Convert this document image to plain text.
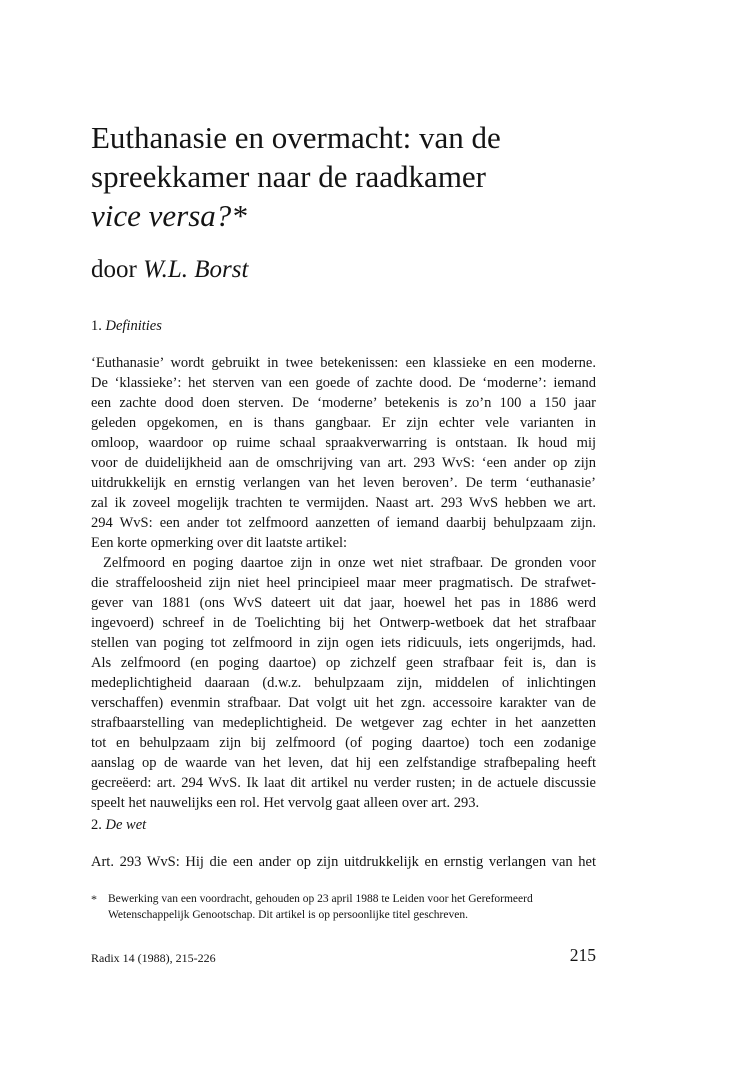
Euthanasie en overmacht: van de
spreekkamer naar de raadkamer
vice versa?*
door W.L. Borst
1. Definities
‘Euthanasie’ wordt gebruikt in twee betekenissen: een klassieke en een moderne.
De ‘klassieke’: het sterven van een goede of zachte dood. De ‘moderne’: iemand
een zachte dood doen sterven. De ‘moderne’ betekenis is zo’n 100 a 150 jaar
geleden opgekomen, en is thans gangbaar. Er zijn echter vele varianten in
omloop, waardoor op ruime schaal spraakverwarring is ontstaan. Ik houd mij
voor de duidelijkheid aan de omschrijving van art. 293 WvS: ‘een ander op zijn
uitdrukkelijk en ernstig verlangen van het leven beroven’. De term ‘euthanasie’
zal ik zoveel mogelijk trachten te vermijden. Naast art. 293 WvS hebben we art.
294 WvS: een ander tot zelfmoord aanzetten of iemand daarbij behulpzaam zijn.
Een korte opmerking over dit laatste artikel:
Zelfmoord en poging daartoe zijn in onze wet niet strafbaar. De gronden voor
die straffeloosheid zijn niet heel principieel maar meer pragmatisch. De strafwet-
gever van 1881 (ons WvS dateert uit dat jaar, hoewel het pas in 1886 werd
ingevoerd) schreef in de Toelichting bij het Ontwerp-wetboek dat het strafbaar
stellen van poging tot zelfmoord in zijn ogen iets ridicuuls, iets ongerijmds, had.
Als zelfmoord (en poging daartoe) op zichzelf geen strafbaar feit is, dan is
medeplichtigheid daaraan (d.w.z. behulpzaam zijn, middelen of inlichtingen
verschaffen) evenmin strafbaar. Dat volgt uit het zgn. accessoire karakter van de
strafbaarstelling van medeplichtigheid. De wetgever zag echter in het aanzetten
tot en behulpzaam zijn bij zelfmoord (of poging daartoe) toch een zodanige
aanslag op de waarde van het leven, dat hij een zelfstandige strafbepaling heeft
gecreëerd: art. 294 WvS. Ik laat dit artikel nu verder rusten; in de actuele discussie
speelt het nauwelijks een rol. Het vervolg gaat alleen over art. 293.
2. De wet
Art. 293 WvS: Hij die een ander op zijn uitdrukkelijk en ernstig verlangen van het
* Bewerking van een voordracht, gehouden op 23 april 1988 te Leiden voor het Gereformeerd
Wetenschappelijk Genootschap. Dit artikel is op persoonlijke titel geschreven.
Radix 14 (1988), 215-226	215
